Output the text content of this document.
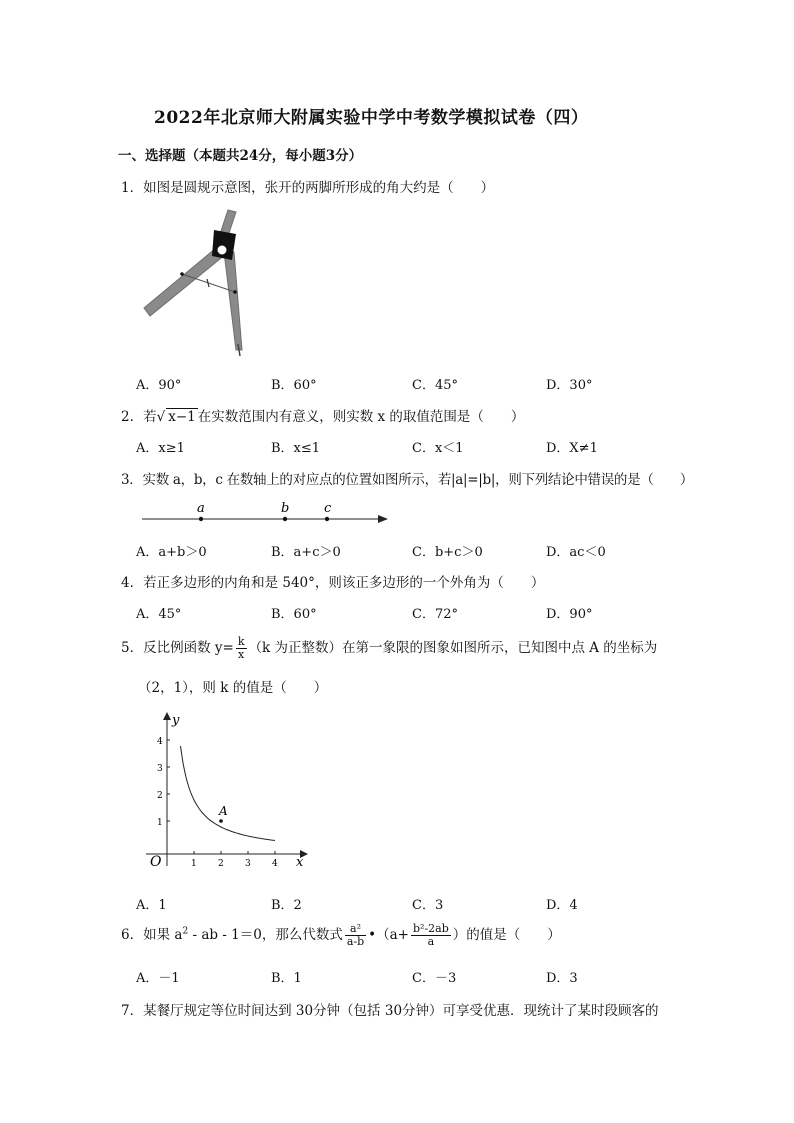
2022年北京师大附属实验中学中考数学模拟试卷（四）
一、选择题（本题共24分，每小题3分）
1．如图是圆规示意图，张开的两脚所形成的角大约是（　　）
A．90°	B．60°	C．45°	D．30°
2．若√ x−1 在实数范围内有意义，则实数 x 的取值范围是（　　）
A．x≥1	B．x≤1	C．x＜1	D．X≠1
3．实数 a，b，c 在数轴上的对应点的位置如图所示，若|a|=|b|，则下列结论中错误的是（　　）
a	b	c
A．a+b＞0	B．a+c＞0	C．b+c＞0	D．ac＜0
4．若正多边形的内角和是 540°，则该正多边形的一个外角为（　　）
A．45°	B．60°	C．72°	D．90°
5．反比例函数 $y= \frac{k}{x} (k$ 为正整数）在第一象限的图象如图所示，已知图中点 A 的坐标为
（2，1），则 k 的值是（　　）
1 2 3 4
1
2
3
4
x
y
O
A
A．1	B．2	C．3	D．4
6．如果 $a^2$ - ab - 1＝0，那么代数式 $\frac{\text{a²}}{a-b}$ •（a+ $\frac{\text{b²-2ab}}{a}$ ）的值是（　　）
A．－1	B．1	C．－3	D．3
7．某餐厅规定等位时间达到 30分钟（包括 30分钟）可享受优惠．现统计了某时段顾客的
